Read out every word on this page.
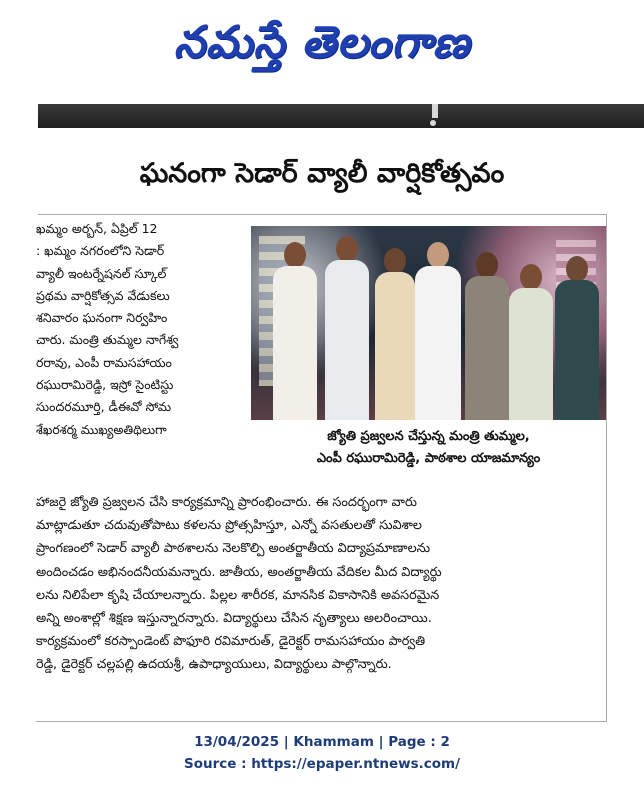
నమస్తే తెలంగాణ
ఘనంగా సెడార్ వ్యాలీ వార్షికోత్సవం
ఖమ్మం అర్బన్, ఏప్రిల్ 12
: ఖమ్మం నగరంలోని సెడార్
వ్యాలీ ఇంటర్నేషనల్ స్కూల్
ప్రథమ వార్షికోత్సవ వేడుకలు
శనివారం ఘనంగా నిర్వహిం
చారు. మంత్రి తుమ్మల నాగేశ్వ
రరావు, ఎంపీ రామసహాయం
రఘురామిరెడ్డి, ఇస్రో సైంటిస్టు
సుందరమూర్తి, డీఈవో సోమ
శేఖరశర్మ ముఖ్యఅతిథిలుగా	జ్యోతి ప్రజ్వలన చేస్తున్న మంత్రి తుమ్మల,
ఎంపీ రఘురామిరెడ్డి, పాఠశాల యాజమాన్యం
హాజరై జ్యోతి ప్రజ్వలన చేసి కార్యక్రమాన్ని ప్రారంభించారు. ఈ సందర్భంగా వారు
మాట్లాడుతూ చదువుతోపాటు కళలను ప్రోత్సహిస్తూ, ఎన్నో వసతులతో సువిశాల
ప్రాంగణంలో సెడార్ వ్యాలీ పాఠశాలను నెలకొల్పి అంతర్జాతీయ విద్యాప్రమాణాలను
అందించడం అభినందనీయమన్నారు. జాతీయ, అంతర్జాతీయ వేదికల మీద విద్యార్థు
లను నిలిపేలా కృషి చేయాలన్నారు. పిల్లల శారీరక, మానసిక వికాసానికి అవసరమైన
అన్ని అంశాల్లో శిక్షణ ఇస్తున్నారన్నారు. విద్యార్థులు చేసిన నృత్యాలు అలరించాయి.
కార్యక్రమంలో కరస్పాండెంట్ పొఫూరి రవిమారుత్, డైరెక్టర్ రామసహాయం పార్వతి
రెడ్డి, డైరెక్టర్ చల్లపల్లి ఉదయశ్రీ, ఉపాధ్యాయులు, విద్యార్థులు పాల్గొన్నారు.
13/04/2025 | Khammam | Page : 2
Source : https://epaper.ntnews.com/
